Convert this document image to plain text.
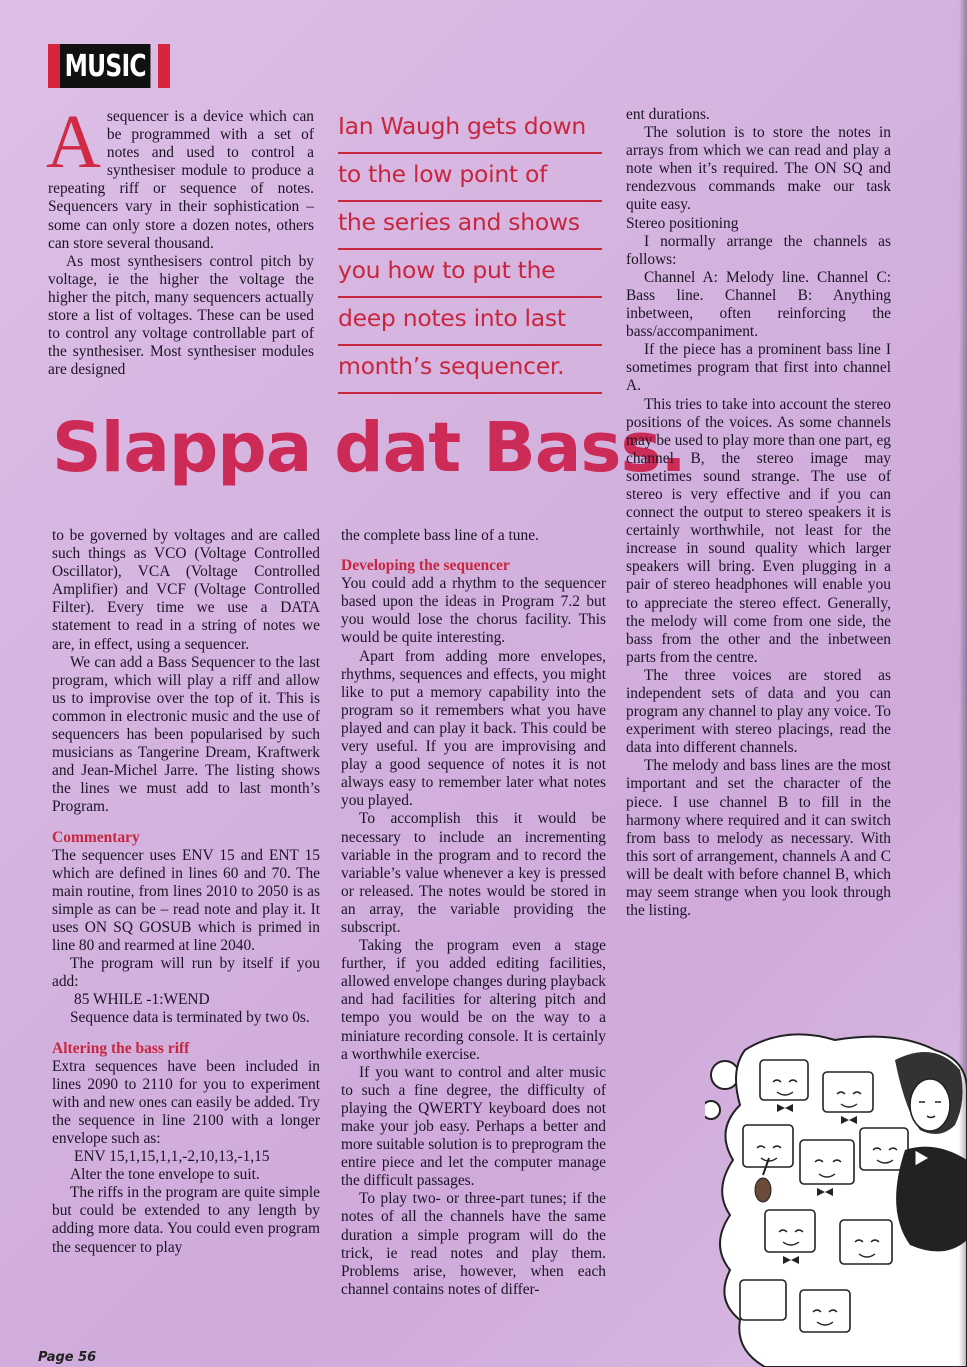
MUSIC
A sequencer is a device which can be programmed with a set of notes and used to control a synthesiser module to produce a repeating riff or sequence of notes. Sequencers vary in their sophistication – some can only store a dozen notes, others can store several thousand.

As most synthesisers control pitch by voltage, ie the higher the voltage the higher the pitch, many sequencers actually store a list of voltages. These can be used to control any voltage controllable part of the synthesiser. Most synthesiser modules are designed

Ian Waugh gets down
to the low point of
the series and shows
you how to put the
deep notes into last
month’s sequencer.
Slappa dat Bass.

to be governed by voltages and are called such things as VCO (Voltage Controlled Oscillator), VCA (Voltage Controlled Amplifier) and VCF (Voltage Controlled Filter). Every time we use a DATA statement to read in a string of notes we are, in effect, using a sequencer.

We can add a Bass Sequencer to the last program, which will play a riff and allow us to improvise over the top of it. This is common in electronic music and the use of sequencers has been popularised by such musicians as Tangerine Dream, Kraftwerk and Jean-Michel Jarre. The listing shows the lines we must add to last month’s Program.

Commentary

The sequencer uses ENV 15 and ENT 15 which are defined in lines 60 and 70. The main routine, from lines 2010 to 2050 is as simple as can be – read note and play it. It uses ON SQ GOSUB which is primed in line 80 and rearmed at line 2040.

The program will run by itself if you add:

85 WHILE -1:WEND

Sequence data is terminated by two 0s.

Altering the bass riff

Extra sequences have been included in lines 2090 to 2110 for you to experiment with and new ones can easily be added. Try the sequence in line 2100 with a longer envelope such as:

ENV 15,1,15,1,1,-2,10,13,-1,15

Alter the tone envelope to suit.

The riffs in the program are quite simple but could be extended to any length by adding more data. You could even program the sequencer to play

the complete bass line of a tune.

Developing the sequencer

You could add a rhythm to the sequencer based upon the ideas in Program 7.2 but you would lose the chorus facility. This would be quite interesting.

Apart from adding more envelopes, rhythms, sequences and effects, you might like to put a memory capability into the program so it remembers what you have played and can play it back. This could be very useful. If you are improvising and play a good sequence of notes it is not always easy to remember later what notes you played.

To accomplish this it would be necessary to include an incrementing variable in the program and to record the variable’s value whenever a key is pressed or released. The notes would be stored in an array, the variable providing the subscript.

Taking the program even a stage further, if you added editing facilities, allowed envelope changes during playback and had facilities for altering pitch and tempo you would be on the way to a miniature recording console. It is certainly a worthwhile exercise.

If you want to control and alter music to such a fine degree, the difficulty of playing the QWERTY keyboard does not make your job easy. Perhaps a better and more suitable solution is to preprogram the entire piece and let the computer manage the difficult passages.

To play two- or three-part tunes; if the notes of all the channels have the same duration a simple program will do the trick, ie read notes and play them. Problems arise, however, when each channel contains notes of differ-

ent durations.

The solution is to store the notes in arrays from which we can read and play a note when it’s required. The ON SQ and rendezvous commands make our task quite easy.

Stereo positioning

I normally arrange the channels as follows:

Channel A: Melody line. Channel C: Bass line. Channel B: Anything inbetween, often reinforcing the bass/accompaniment.

If the piece has a prominent bass line I sometimes program that first into channel A.

This tries to take into account the stereo positions of the voices. As some channels may be used to play more than one part, eg channel B, the stereo image may sometimes sound strange. The use of stereo is very effective and if you can connect the output to stereo speakers it is certainly worthwhile, not least for the increase in sound quality which larger speakers will bring. Even plugging in a pair of stereo headphones will enable you to appreciate the stereo effect. Generally, the melody will come from one side, the bass from the other and the inbetween parts from the centre.

The three voices are stored as independent sets of data and you can program any channel to play any voice. To experiment with stereo placings, read the data into different channels.

The melody and bass lines are the most important and set the character of the piece. I use channel B to fill in the harmony where required and it can switch from bass to melody as necessary. With this sort of arrangement, channels A and C will be dealt with before channel B, which may seem strange when you look through the listing.

Page 56
